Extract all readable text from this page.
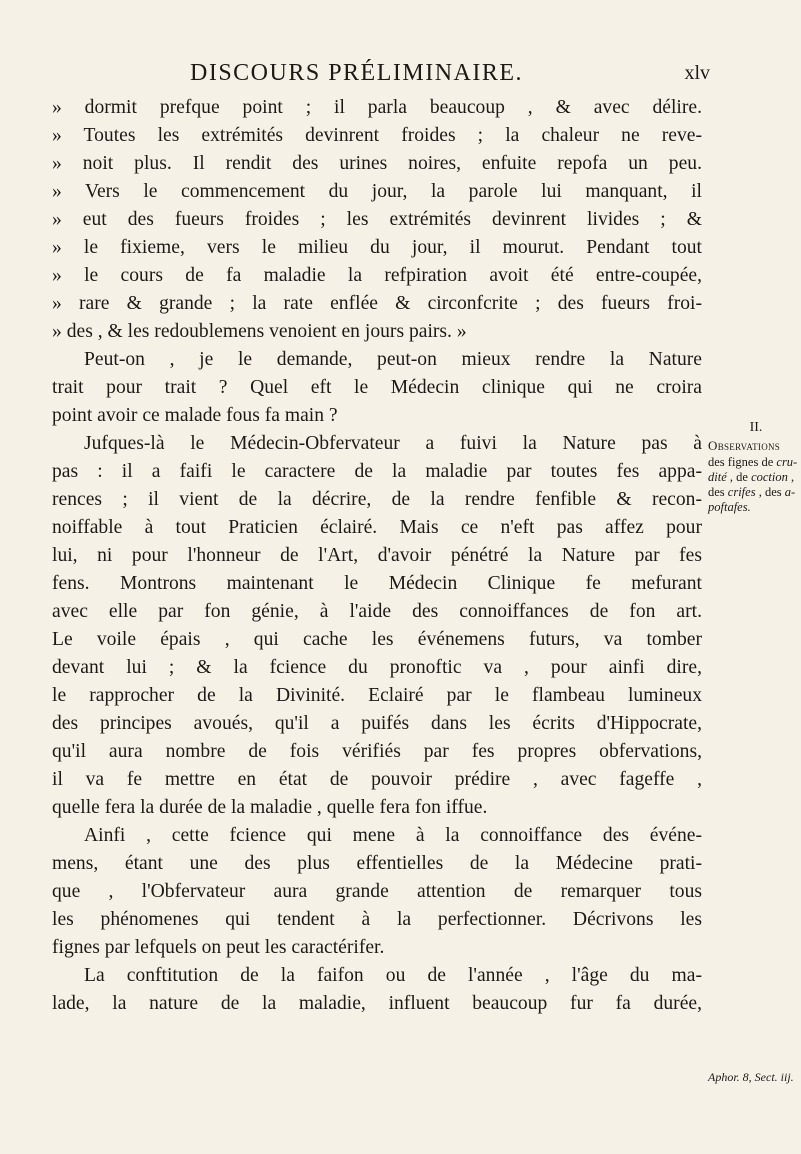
DISCOURS PRÉLIMINAIRE.	xlv
» dormit prefque point ; il parla beaucoup , & avec délire.
» Toutes les extrémités devinrent froides ; la chaleur ne reve-
» noit plus. Il rendit des urines noires, enfuite repofa un peu.
» Vers le commencement du jour, la parole lui manquant, il
» eut des fueurs froides ; les extrémités devinrent livides ; &
» le fixieme, vers le milieu du jour, il mourut. Pendant tout
» le cours de fa maladie la refpiration avoit été entre-coupée,
» rare & grande ; la rate enflée & circonfcrite ; des fueurs froi-
» des , & les redoublemens venoient en jours pairs. »
Peut-on , je le demande, peut-on mieux rendre la Nature
trait pour trait ? Quel eft le Médecin clinique qui ne croira
point avoir ce malade fous fa main ?
Jufques-là le Médecin-Obfervateur a fuivi la Nature pas à
pas : il a faifi le caractere de la maladie par toutes fes appa-
rences ; il vient de la décrire, de la rendre fenfible & recon-
noiffable à tout Praticien éclairé. Mais ce n'eft pas affez pour
lui, ni pour l'honneur de l'Art, d'avoir pénétré la Nature par fes
fens. Montrons maintenant le Médecin Clinique fe mefurant
avec elle par fon génie, à l'aide des connoiffances de fon art.
Le voile épais , qui cache les événemens futurs, va tomber
devant lui ; & la fcience du pronoftic va , pour ainfi dire,
le rapprocher de la Divinité. Eclairé par le flambeau lumineux
des principes avoués, qu'il a puifés dans les écrits d'Hippocrate,
qu'il aura nombre de fois vérifiés par fes propres obfervations,
il va fe mettre en état de pouvoir prédire , avec fageffe ,
quelle fera la durée de la maladie , quelle fera fon iffue.
Ainfi , cette fcience qui mene à la connoiffance des événe-
mens, étant une des plus effentielles de la Médecine prati-
que , l'Obfervateur aura grande attention de remarquer tous
les phénomenes qui tendent à la perfectionner. Décrivons les
fignes par lefquels on peut les caractérifer.
La conftitution de la faifon ou de l'année , l'âge du ma-
lade, la nature de la maladie, influent beaucoup fur fa durée,
II.
Observations
des fignes de cru-
dité , de coction ,
des crifes , des a-
poftafes.
Aphor. 8, Sect. iij.
